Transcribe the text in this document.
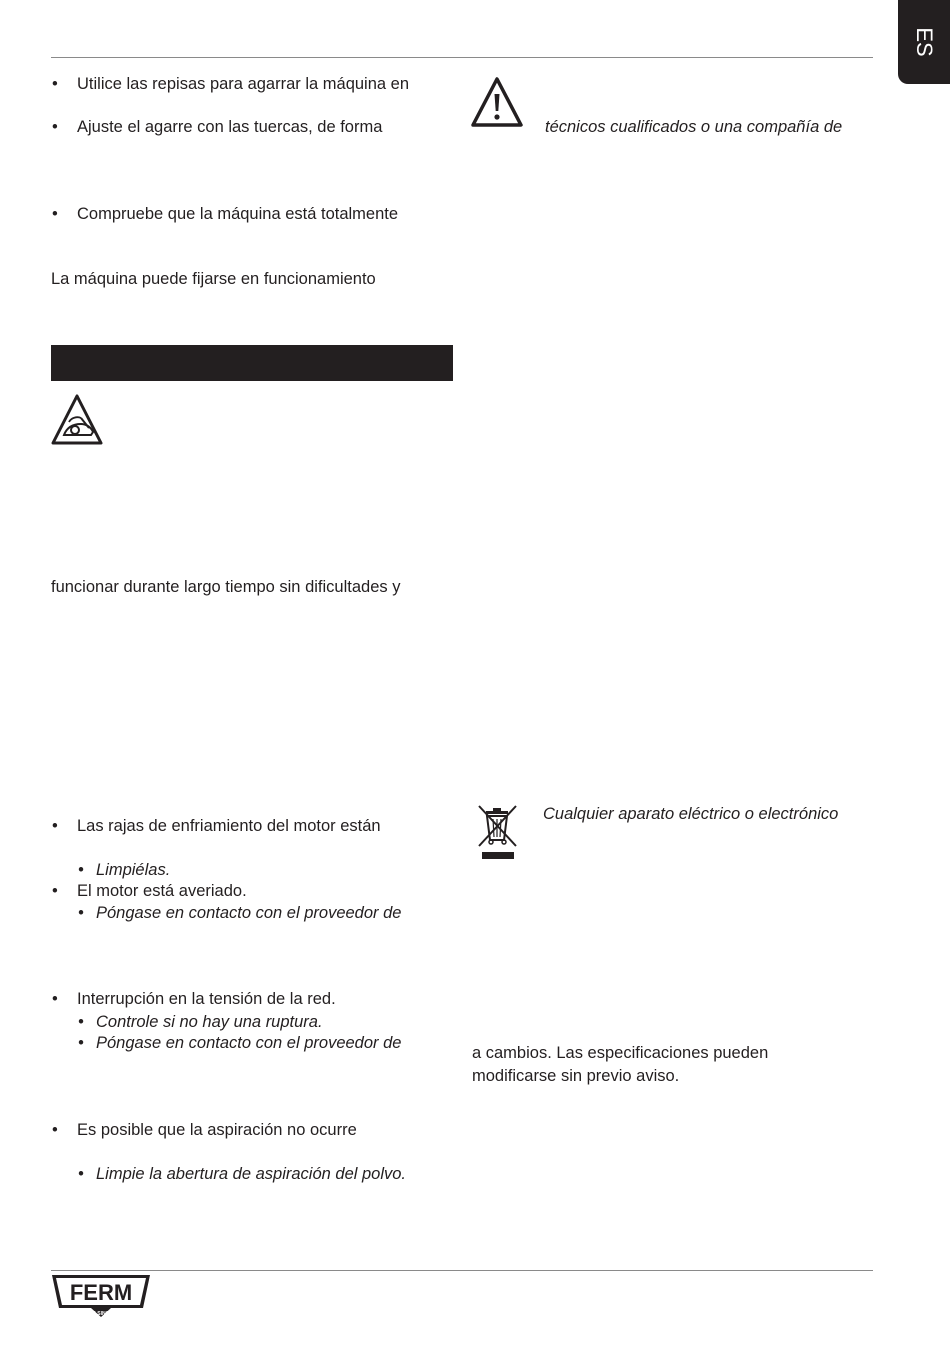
ES
• Utilice las repisas para agarrar la máquina en
• Ajuste el agarre con las tuercas, de forma
• Compruebe que la máquina está totalmente
La máquina puede fijarse en funcionamiento
funcionar durante largo tiempo sin dificultades y
• Las rajas de enfriamiento del motor están
• Limpiélas.
• El motor está averiado.
• Póngase en contacto con el proveedor de
• Interrupción en la tensión de la red.
• Controle si no hay una ruptura.
• Póngase en contacto con el proveedor de
• Es posible que la aspiración no ocurre
• Limpie la abertura de aspiración del polvo.
técnicos cualificados o una compañía de
Cualquier aparato eléctrico o electrónico
a cambios. Las especificaciones pueden
modificarse sin previo aviso.
FERM
POWER SINCE 1941
